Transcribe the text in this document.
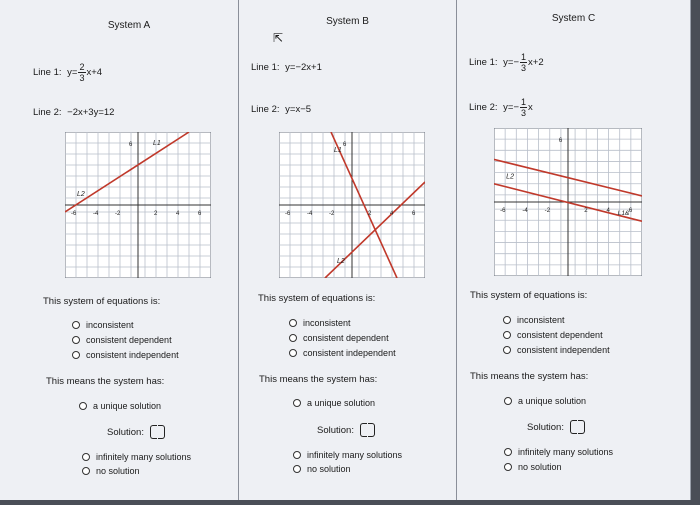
System A
Line 1: $y= \frac{2}{3} x+4$
Line 2: −2x+3y=12
L1
L2
6
-6	-4	-2	2	4	6
This system of equations is:
inconsistent
consistent dependent
consistent independent
This means the system has:
a unique solution
Solution:
infinitely many solutions
no solution
System B
Line 1: y=−2x+1
Line 2: y=x−5
L1
L2
6
-6	-4	-2	2	4	6
This system of equations is:
inconsistent
consistent dependent
consistent independent
This means the system has:
a unique solution
Solution:
infinitely many solutions
no solution
System C
Line 1: $y=- \frac{1}{3} x+2$
Line 2: $y=- \frac{1}{3}$ x
L2
L1&
6
-6	-4	-2	2	4	6
This system of equations is:
inconsistent
consistent dependent
consistent independent
This means the system has:
a unique solution
Solution:
infinitely many solutions
no solution
⇱
